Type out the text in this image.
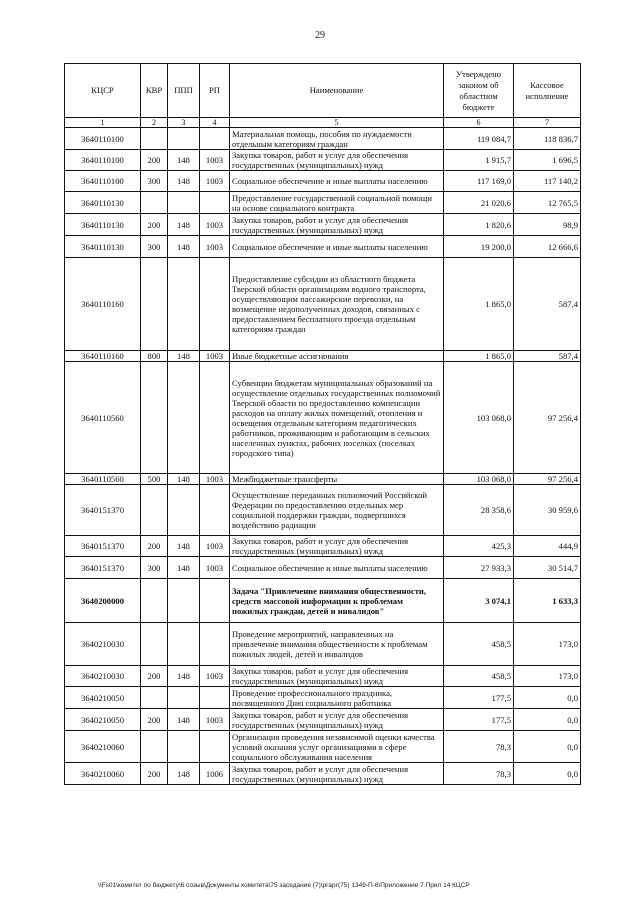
29
КЦСР	КВР	ППП	РП	Наименование	Утверждено законом об областном бюджете	Кассовое исполнение
1	2	3	4	5	6	7
3640110100				Материальная помощь, пособия по нуждаемости отдельным категориям граждан	119 084,7	118 836,7
3640110100	200	148	1003	Закупка товаров, работ и услуг для обеспечения государственных (муниципальных) нужд	1 915,7	1 696,5
3640110100	300	148	1003	Социальное обеспечение и иные выплаты населению	117 169,0	117 140,2
3640110130				Предоставление государственной социальной помощи на основе социального контракта	21 020,6	12 765,5
3640110130	200	148	1003	Закупка товаров, работ и услуг для обеспечения государственных (муниципальных) нужд	1 820,6	98,9
3640110130	300	148	1003	Социальное обеспечение и иные выплаты населению	19 200,0	12 666,6
3640110160				Предоставление субсидии из областного бюджета Тверской области организациям водного транспорта, осуществляющим пассажирские перевозки, на возмещение недополученных доходов, связанных с предоставлением бесплатного проезда отдельным категориям граждан	1 865,0	587,4
3640110160	800	148	1003	Иные бюджетные ассигнования	1 865,0	587,4
3640110560				Субвенции бюджетам муниципальных образований на осуществление отдельных государственных полномочий Тверской области по предоставлению компенсации расходов на оплату жилых помещений, отопления и освещения отдельным категориям педагогических работников, проживающим и работающим в сельских населенных пунктах, рабочих поселках (поселках городского типа)	103 068,0	97 256,4
3640110560	500	148	1003	Межбюджетные трансферты	103 068,0	97 256,4
3640151370				Осуществление переданных полномочий Российской Федерации по предоставлению отдельных мер социальной поддержки граждан, подвергшихся воздействию радиации	28 358,6	30 959,6
3640151370	200	148	1003	Закупка товаров, работ и услуг для обеспечения государственных (муниципальных) нужд	425,3	444,9
3640151370	300	148	1003	Социальное обеспечение и иные выплаты населению	27 933,3	30 514,7
3640200000				Задача "Привлечение внимания общественности, средств массовой информации к проблемам пожилых граждан, детей и инвалидов"	3 074,1	1 633,3
3640210030				Проведение мероприятий, направленных на привлечение внимания общественности к проблемам пожилых людей, детей и инвалидов	458,5	173,0
3640210030	200	148	1003	Закупка товаров, работ и услуг для обеспечения государственных (муниципальных) нужд	458,5	173,0
3640210050				Проведение профессионального праздника, посвященного Дню социального работника	177,5	0,0
3640210050	200	148	1003	Закупка товаров, работ и услуг для обеспечения государственных (муниципальных) нужд	177,5	0,0
3640210060				Организация проведения независимой оценки качества условий оказания услуг организациями в сфере социального обслуживания населения	78,3	0,0
3640210060	200	148	1006	Закупка товаров, работ и услуг для обеспечения государственных (муниципальных) нужд	78,3	0,0
\\Fs01\комитет по бюджету\6 созыв\Документы комитета\75 заседание (7)\ргарг(75) 1349-П-6\Приложение 7 Прил 14 КЦСР
